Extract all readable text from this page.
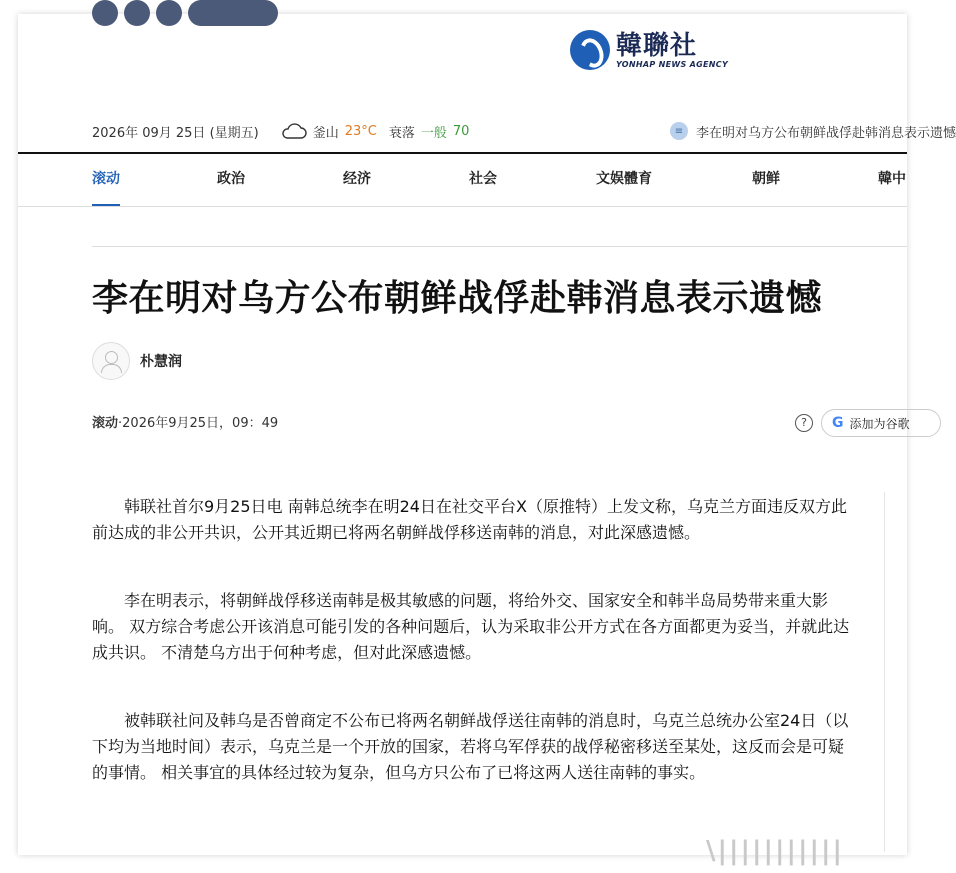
韓聯社
YONHAP NEWS AGENCY
2026年 09月 25日 (星期五)	釜山 23°C 衰落 一般 70	≡ 李在明对乌方公布朝鲜战俘赴韩消息表示遗憾
滚动	政治	经济	社会	文娱體育	朝鲜	韓中
李在明对乌方公布朝鲜战俘赴韩消息表示遗憾
朴慧润
滚动·2026年9月25日，09：49	?	G 添加为谷歌

韩联社首尔9月25日电 南韩总统李在明24日在社交平台X（原推特）上发文称，乌克兰方面违反双方此前达成的非公开共识，公开其近期已将两名朝鲜战俘移送南韩的消息，对此深感遗憾。

李在明表示，将朝鲜战俘移送南韩是极其敏感的问题，将给外交、国家安全和韩半岛局势带来重大影响。 双方综合考虑公开该消息可能引发的各种问题后，认为采取非公开方式在各方面都更为妥当，并就此达成共识。 不清楚乌方出于何种考虑，但对此深感遗憾。

被韩联社问及韩乌是否曾商定不公布已将两名朝鲜战俘送往南韩的消息时，乌克兰总统办公室24日（以下均为当地时间）表示，乌克兰是一个开放的国家，若将乌军俘获的战俘秘密移送至某处，这反而会是可疑的事情。 相关事宜的具体经过较为复杂，但乌方只公布了已将这两人送往南韩的事实。

\|||||||||||
